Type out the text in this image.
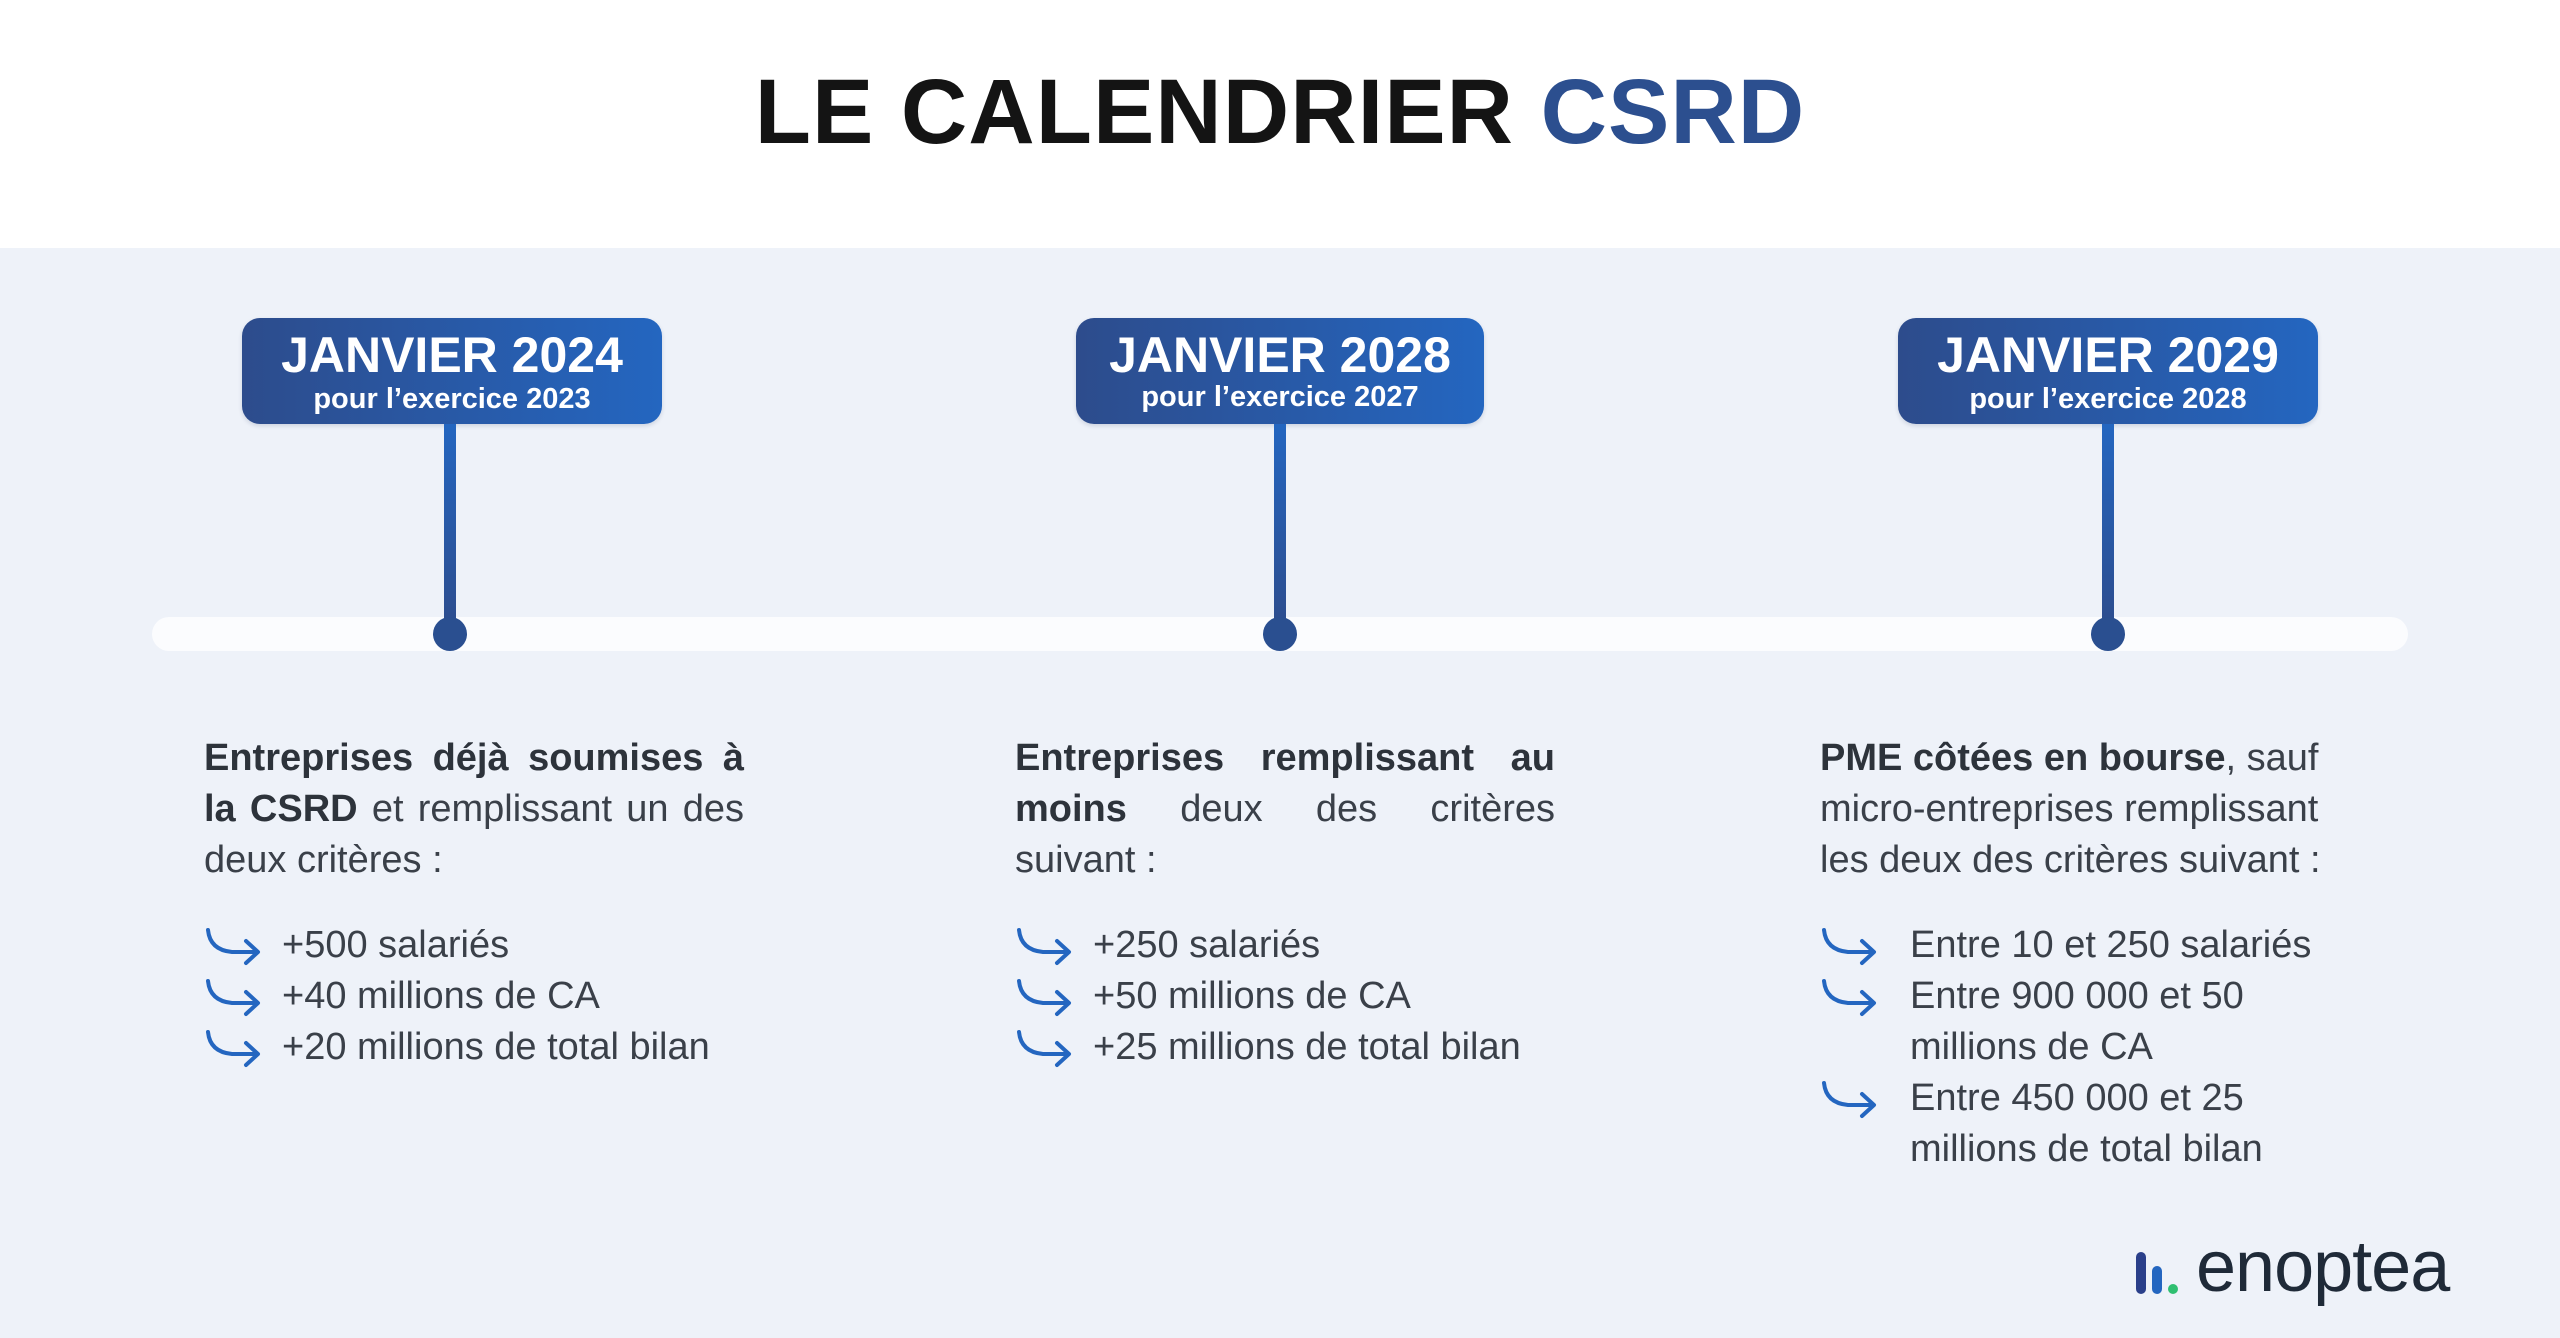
LE CALENDRIER CSRD
JANVIER 2024
pour l’exercice 2023
JANVIER 2028
pour l’exercice 2027
JANVIER 2029
pour l’exercice 2028
Entreprises déjà soumises à la CSRD et remplissant un des deux critères :
+500 salariés
+40 millions de CA
+20 millions de total bilan
Entreprises remplissant au moins deux des critères suivant :
+250 salariés
+50 millions de CA
+25 millions de total bilan
PME côtées en bourse, sauf micro-entreprises remplissant les deux des critères suivant :
Entre 10 et 250 salariés
Entre 900 000 et 50 millions de CA
Entre 450 000 et 25 millions de total bilan
enoptea
